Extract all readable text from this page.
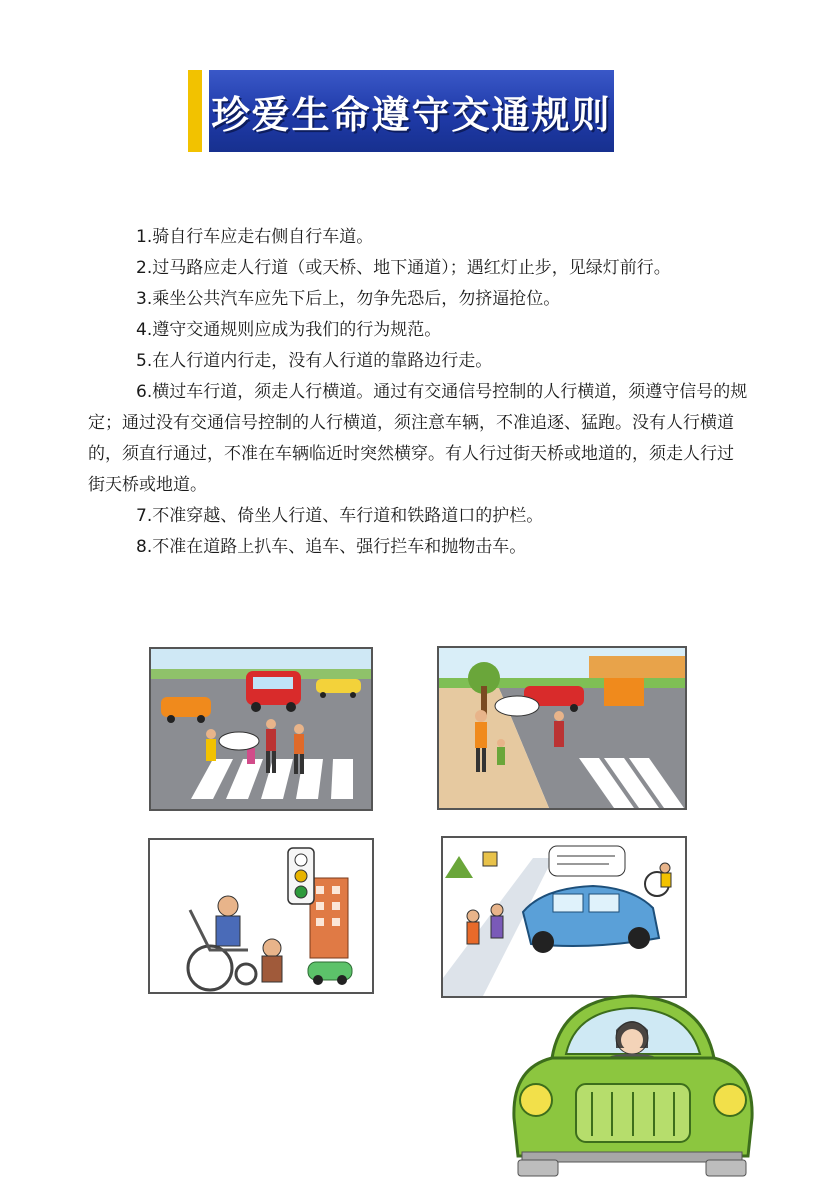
珍爱生命遵守交通规则

1.骑自行车应走右侧自行车道。

2.过马路应走人行道（或天桥、地下通道）；遇红灯止步，见绿灯前行。

3.乘坐公共汽车应先下后上，勿争先恐后，勿挤逼抢位。

4.遵守交通规则应成为我们的行为规范。

5.在人行道内行走，没有人行道的靠路边行走。

6.横过车行道，须走人行横道。通过有交通信号控制的人行横道，须遵守信号的规定；通过没有交通信号控制的人行横道，须注意车辆，不准追逐、猛跑。没有人行横道的，须直行通过，不准在车辆临近时突然横穿。有人行过街天桥或地道的，须走人行过街天桥或地道。

7.不准穿越、倚坐人行道、车行道和铁路道口的护栏。

8.不准在道路上扒车、追车、强行拦车和抛物击车。
